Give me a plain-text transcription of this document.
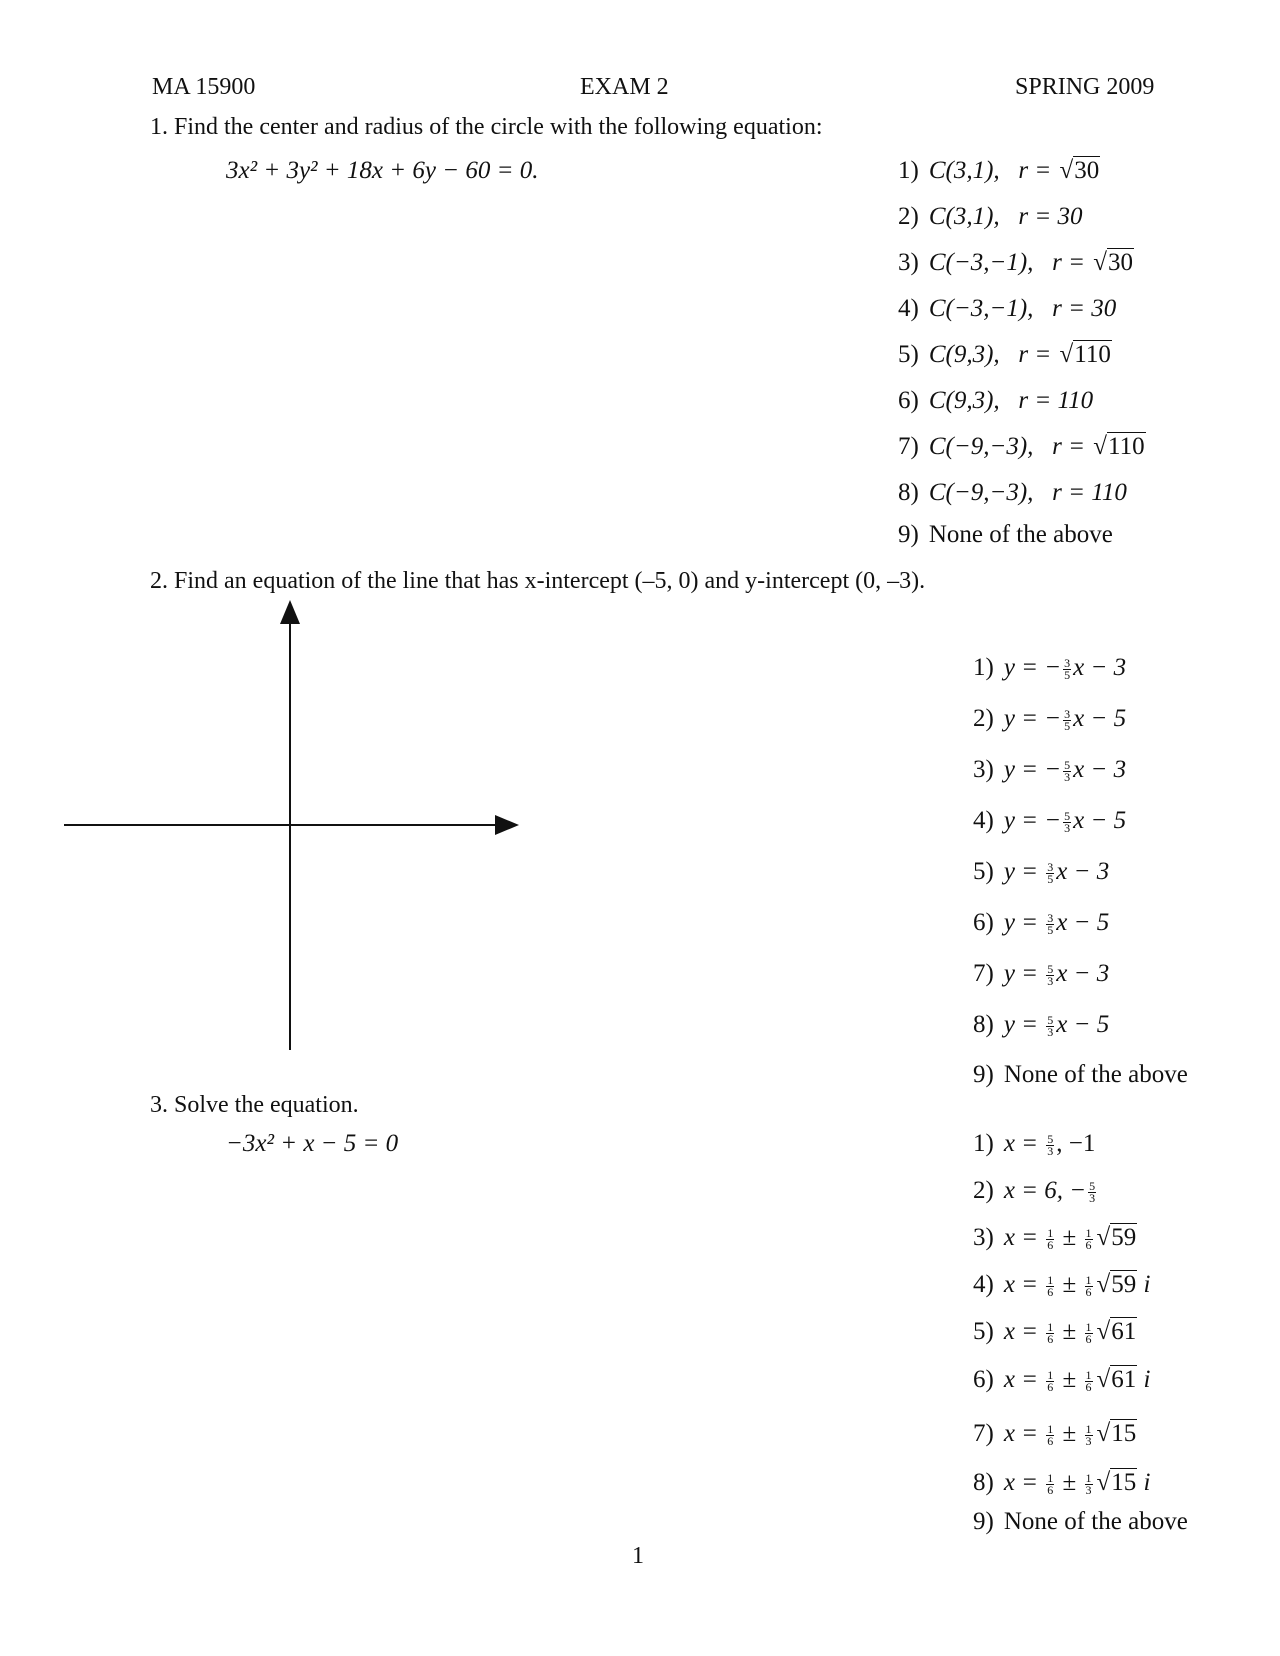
MA 15900	EXAM 2	SPRING 2009
1. Find the center and radius of the circle with the following equation:
3x² + 3y² + 18x + 6y − 60 = 0.	1) C(3,1), r = √30
2) C(3,1), r = 30
3) C(−3,−1), r = √30
4) C(−3,−1), r = 30
5) C(9,3), r = √110
6) C(9,3), r = 110
7) C(−9,−3), r = √110
8) C(−9,−3), r = 110
9) None of the above
2. Find an equation of the line that has x-intercept (–5, 0) and y-intercept (0, –3).
1) y = − $\frac{3}{5}$ x − 3
2) y = − $\frac{3}{5}$ x − 5
3) y = − $\frac{5}{3}$ x − 3
4) y = − $\frac{5}{3}$ x − 5
5) $y = \frac{3}{5}$ x − 3
6) $y = \frac{3}{5}$ x − 5
7) $y = \frac{5}{3}$ x − 3
8) $y = \frac{5}{3}$ x − 5
9) None of the above
3. Solve the equation.
−3x² + x − 5 = 0	1) $x = \frac{5}{3}$ , −1
2) x = 6, − $\frac{5}{3}$
3) $x = \frac{1}{6} \pm \frac{1}{6} √59$
4) $x = \frac{1}{6} \pm \frac{1}{6} √59$ i
5) $x = \frac{1}{6} \pm \frac{1}{6} √61$
6) $x = \frac{1}{6} \pm \frac{1}{6} √61$ i
7) $x = \frac{1}{6} \pm \frac{1}{3} √15$
8) $x = \frac{1}{6} \pm \frac{1}{3} √15$ i
9) None of the above
1
